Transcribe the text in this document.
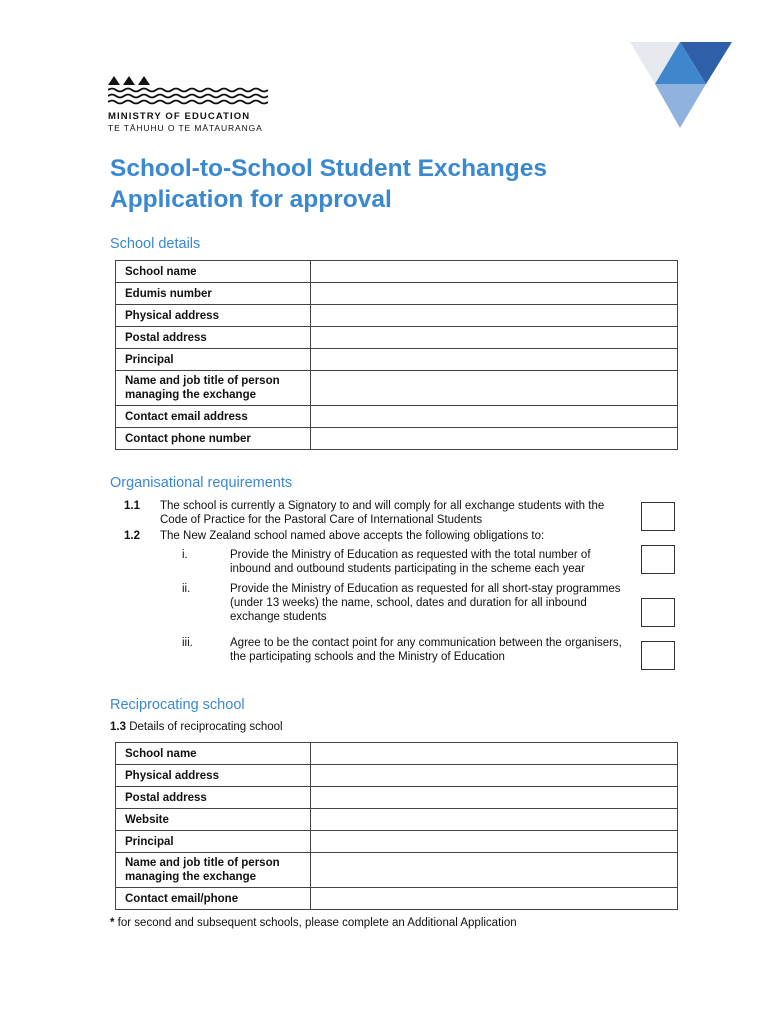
MINISTRY OF EDUCATION
TE TĀHUHU O TE MĀTAURANGA
School-to-School Student Exchanges
Application for approval
School details
School name	
Edumis number	
Physical address	
Postal address	
Principal	
Name and job title of person managing the exchange	
Contact email address	
Contact phone number	
Organisational requirements
1.1 The school is currently a Signatory to and will comply for all exchange students with the Code of Practice for the Pastoral Care of International Students
1.2 The New Zealand school named above accepts the following obligations to:
i.	Provide the Ministry of Education as requested with the total number of inbound and outbound students participating in the scheme each year
ii.	Provide the Ministry of Education as requested for all short-stay programmes (under 13 weeks) the name, school, dates and duration for all inbound exchange students
iii.	Agree to be the contact point for any communication between the organisers, the participating schools and the Ministry of Education
Reciprocating school
1.3 Details of reciprocating school
School name	
Physical address	
Postal address	
Website	
Principal	
Name and job title of person managing the exchange	
Contact email/phone	
* for second and subsequent schools, please complete an Additional Application
